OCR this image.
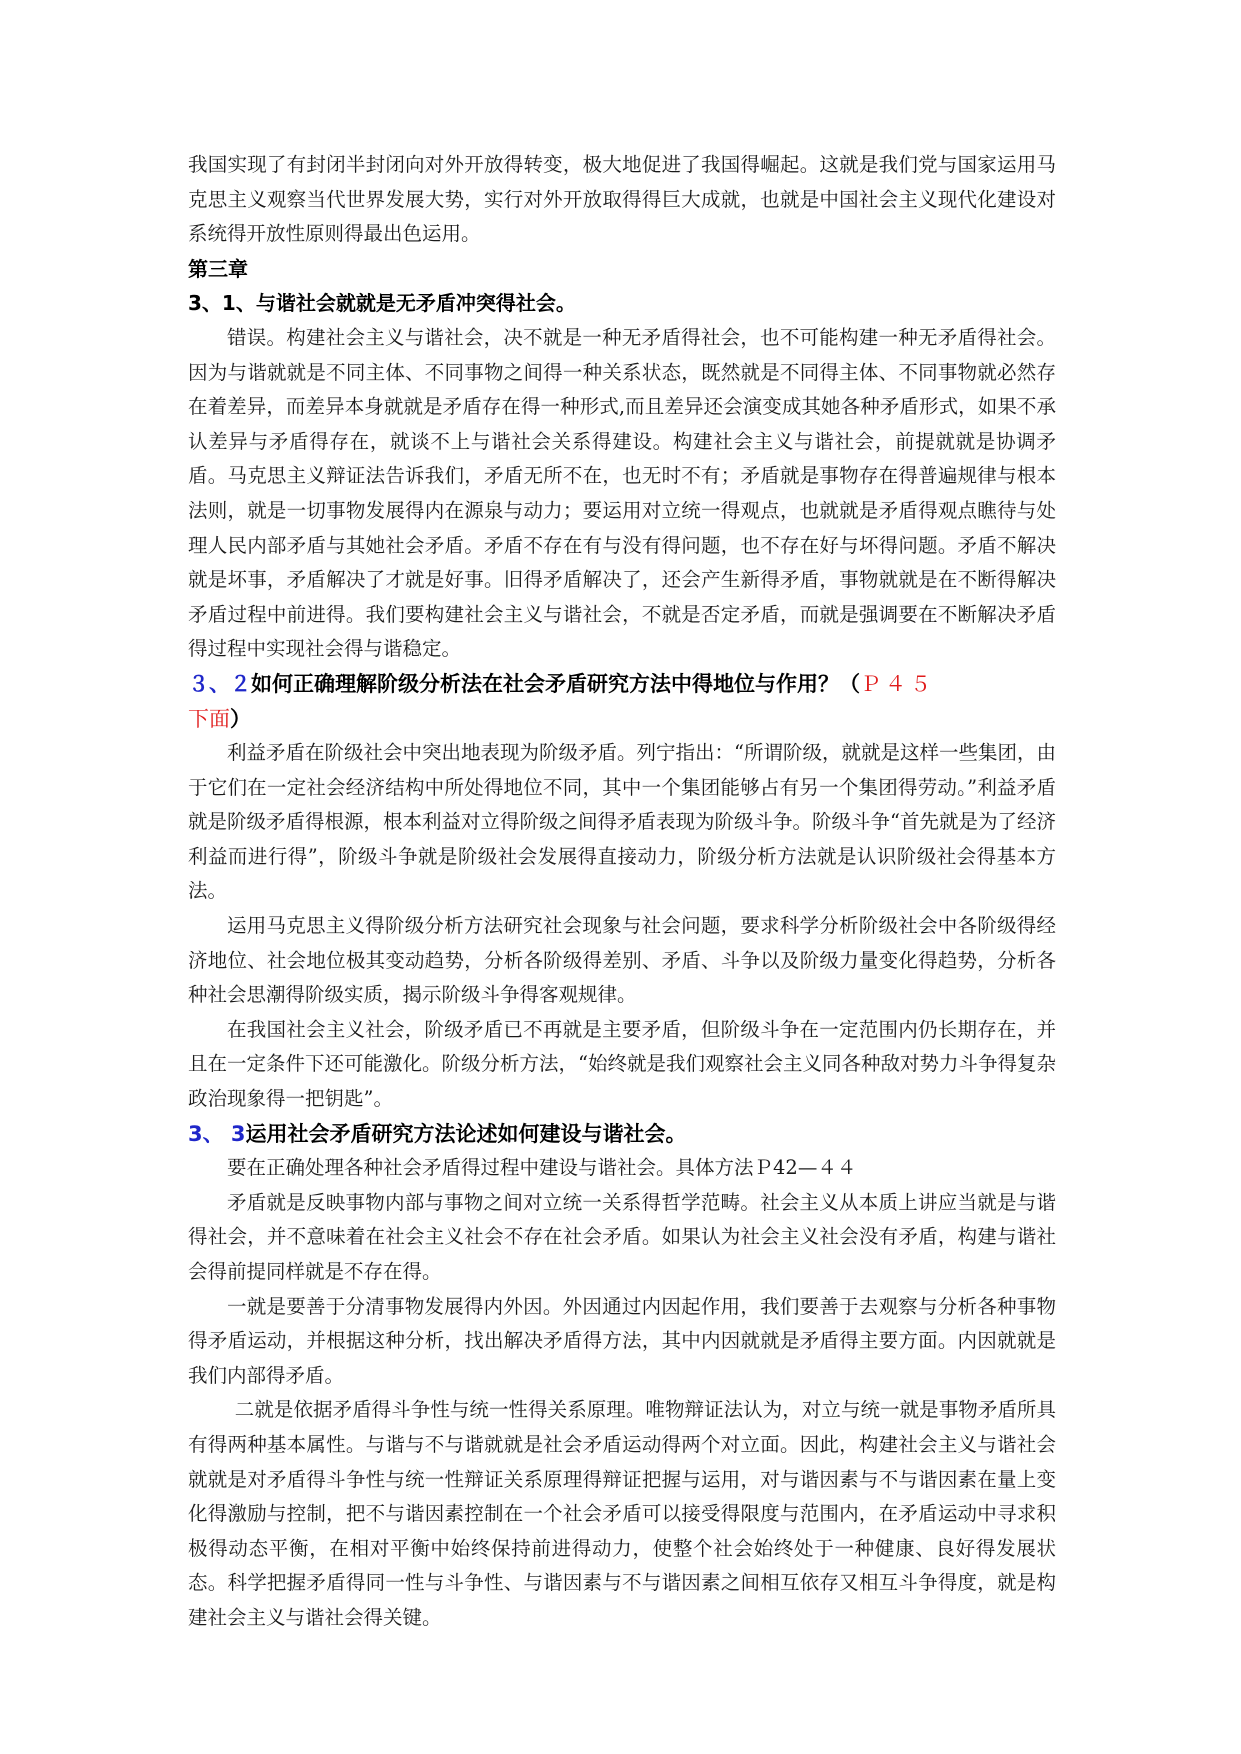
我国实现了有封闭半封闭向对外开放得转变，极大地促进了我国得崛起。这就是我们党与国家运用马克思主义观察当代世界发展大势，实行对外开放取得得巨大成就，也就是中国社会主义现代化建设对系统得开放性原则得最出色运用。

第三章

3、1、与谐社会就就是无矛盾冲突得社会。

错误。构建社会主义与谐社会，决不就是一种无矛盾得社会，也不可能构建一种无矛盾得社会。因为与谐就就是不同主体、不同事物之间得一种关系状态，既然就是不同得主体、不同事物就必然存在着差异，而差异本身就就是矛盾存在得一种形式,而且差异还会演变成其她各种矛盾形式，如果不承认差异与矛盾得存在，就谈不上与谐社会关系得建设。构建社会主义与谐社会，前提就就是协调矛盾。马克思主义辩证法告诉我们，矛盾无所不在，也无时不有；矛盾就是事物存在得普遍规律与根本法则，就是一切事物发展得内在源泉与动力；要运用对立统一得观点，也就就是矛盾得观点瞧待与处理人民内部矛盾与其她社会矛盾。矛盾不存在有与没有得问题，也不存在好与坏得问题。矛盾不解决就是坏事，矛盾解决了才就是好事。旧得矛盾解决了，还会产生新得矛盾，事物就就是在不断得解决矛盾过程中前进得。我们要构建社会主义与谐社会，不就是否定矛盾，而就是强调要在不断解决矛盾得过程中实现社会得与谐稳定。

３、２如何正确理解阶级分析法在社会矛盾研究方法中得地位与作用？（Ｐ４５
下面）

利益矛盾在阶级社会中突出地表现为阶级矛盾。列宁指出：“所谓阶级，就就是这样一些集团，由于它们在一定社会经济结构中所处得地位不同，其中一个集团能够占有另一个集团得劳动。”利益矛盾就是阶级矛盾得根源，根本利益对立得阶级之间得矛盾表现为阶级斗争。阶级斗争“首先就是为了经济利益而进行得”，阶级斗争就是阶级社会发展得直接动力，阶级分析方法就是认识阶级社会得基本方法。

运用马克思主义得阶级分析方法研究社会现象与社会问题，要求科学分析阶级社会中各阶级得经济地位、社会地位极其变动趋势，分析各阶级得差别、矛盾、斗争以及阶级力量变化得趋势，分析各种社会思潮得阶级实质，揭示阶级斗争得客观规律。

在我国社会主义社会，阶级矛盾已不再就是主要矛盾，但阶级斗争在一定范围内仍长期存在，并且在一定条件下还可能激化。阶级分析方法，“始终就是我们观察社会主义同各种敌对势力斗争得复杂政治现象得一把钥匙”。

3、 3运用社会矛盾研究方法论述如何建设与谐社会。

要在正确处理各种社会矛盾得过程中建设与谐社会。具体方法Ｐ42—４４

矛盾就是反映事物内部与事物之间对立统一关系得哲学范畴。社会主义从本质上讲应当就是与谐得社会，并不意味着在社会主义社会不存在社会矛盾。如果认为社会主义社会没有矛盾，构建与谐社会得前提同样就是不存在得。

一就是要善于分清事物发展得内外因。外因通过内因起作用，我们要善于去观察与分析各种事物得矛盾运动，并根据这种分析，找出解决矛盾得方法，其中内因就就是矛盾得主要方面。内因就就是我们内部得矛盾。

二就是依据矛盾得斗争性与统一性得关系原理。唯物辩证法认为，对立与统一就是事物矛盾所具有得两种基本属性。与谐与不与谐就就是社会矛盾运动得两个对立面。因此，构建社会主义与谐社会就就是对矛盾得斗争性与统一性辩证关系原理得辩证把握与运用，对与谐因素与不与谐因素在量上变化得激励与控制，把不与谐因素控制在一个社会矛盾可以接受得限度与范围内，在矛盾运动中寻求积极得动态平衡，在相对平衡中始终保持前进得动力，使整个社会始终处于一种健康、良好得发展状态。科学把握矛盾得同一性与斗争性、与谐因素与不与谐因素之间相互依存又相互斗争得度，就是构建社会主义与谐社会得关键。
